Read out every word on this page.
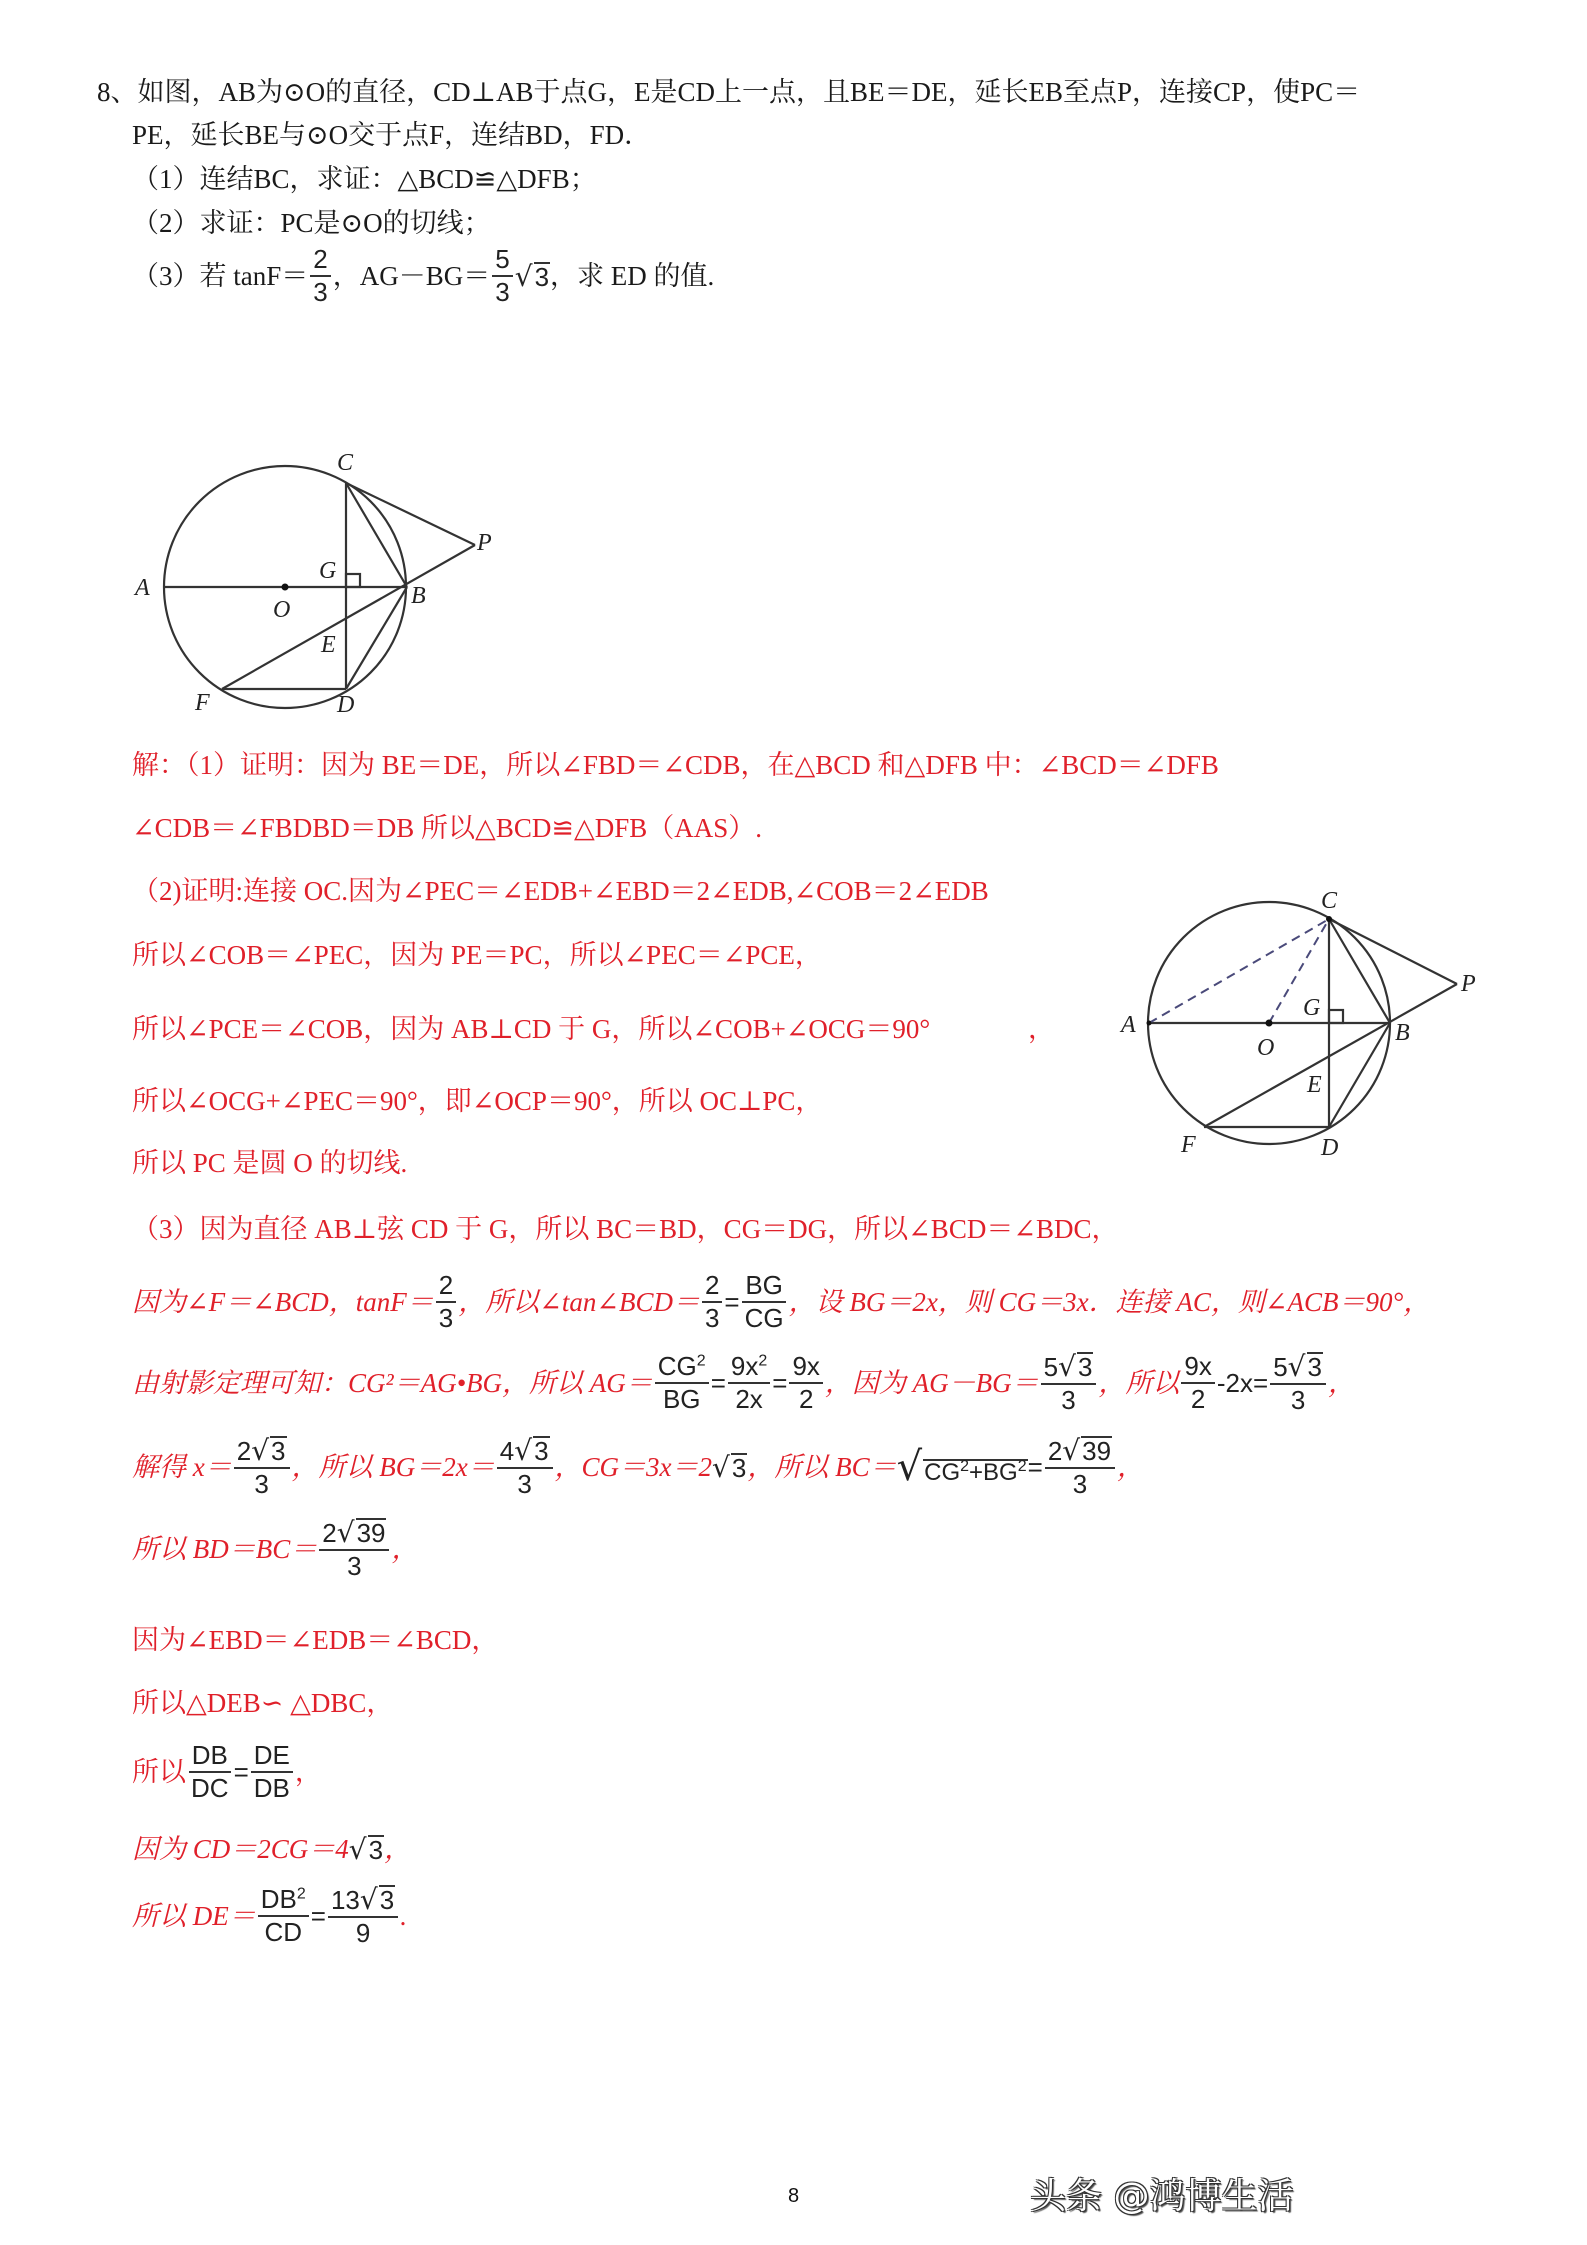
8、如图，AB为⊙O的直径，CD⊥AB于点G，E是CD上一点，且BE＝DE，延长EB至点P，连接CP，使PC＝
PE，延长BE与⊙O交于点F，连结BD，FD．
（1）连结BC，求证：△BCD≌△DFB；
（2）求证：PC是⊙O的切线；
（3）若 $\tan F= \frac{2}{3}$ ，$AG-BG= \frac{5}{3} √3$ ，求 ED 的值.
A
O
G
B
C
P
E
F	D
解：（1）证明：因为 BE＝DE，所以∠FBD＝∠CDB，在△BCD 和△DFB 中：∠BCD＝∠DFB
∠CDB＝∠FBDBD＝DB 所以△BCD≌△DFB（AAS）.
（2)证明:连接 OC.因为∠PEC＝∠EDB+∠EBD＝2∠EDB,∠COB＝2∠EDB
所以∠COB＝∠PEC，因为 PE＝PC，所以∠PEC＝∠PCE，
所以∠PCE＝∠COB，因为 AB⊥CD 于 G，所以∠COB+∠OCG＝90°	，
所以∠OCG+∠PEC＝90°，即∠OCP＝90°，所以 OC⊥PC，
所以 PC 是圆 O 的切线.
A
O
G
B
C
P
E
F	D
（3）因为直径 AB⊥弦 CD 于 G，所以 BC＝BD，CG＝DG，所以∠BCD＝∠BDC，
因为∠F＝∠BCD，$\tan F= \frac{2}{3}$ ，所以∠tan∠BCD＝ $\frac{2}{3} = \frac{BG}{CG}$ ，设 BG＝2x，则 CG＝3x．连接 AC，则∠ACB＝90°，
由射影定理可知：CG²＝AG•BG，所以 $AG= \frac{CG^2}{BG} = \frac{9x^2}{2x} = \frac{9x}{2}$ ，因为 $AG-BG= \frac{5√3}{3}$ ，所以 $\frac{9x}{2} -2x= \frac{5√3}{3}$ ，
解得 $x= \frac{2√3}{3}$ ，所以 $BG=2x= \frac{4√3}{3}$ ，CG＝3x＝2 √3 ，所以 $BC= √CG^2+BG^2 = \frac{2√39}{3}$ ，
所以 $BD=BC= \frac{2√39}{3}$ ，
因为∠EBD＝∠EDB＝∠BCD，
所以△DEB∽ △DBC，
所以 $\frac{DB}{DC} = \frac{DE}{DB}$ ，
因为 CD＝2CG＝4 √3 ，
所以 $DE= \frac{DB^2}{CD} = \frac{13√3}{9}$ .
8	头条 @鸿博生活
